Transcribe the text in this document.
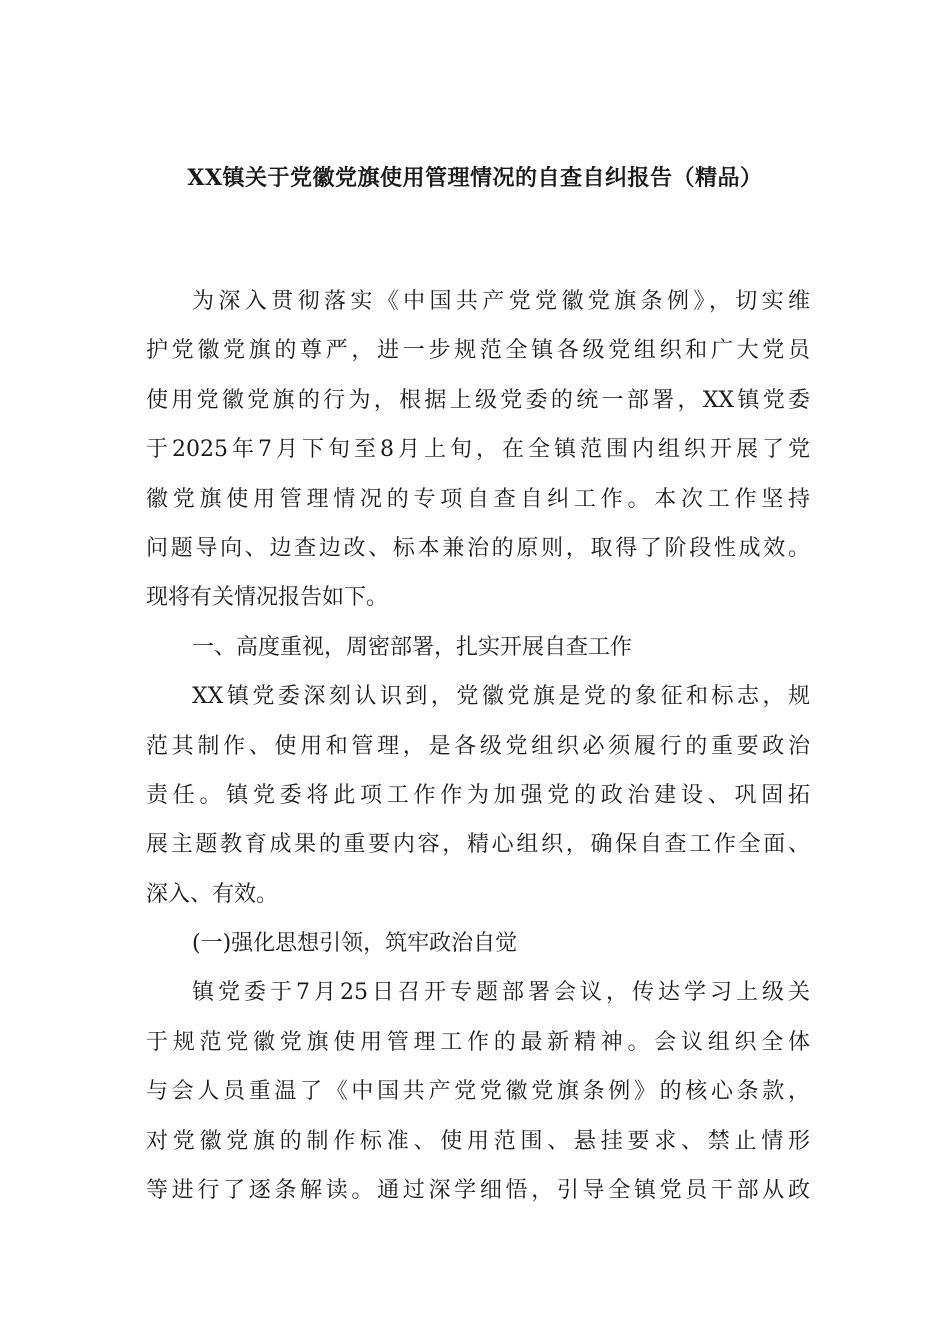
XX镇关于党徽党旗使用管理情况的自查自纠报告（精品）
为深入贯彻落实《中国共产党党徽党旗条例》，切实维
护党徽党旗的尊严，进一步规范全镇各级党组织和广大党员
使用党徽党旗的行为，根据上级党委的统一部署，XX镇党委
于2025年7月下旬至8月上旬，在全镇范围内组织开展了党
徽党旗使用管理情况的专项自查自纠工作。本次工作坚持
问题导向、边查边改、标本兼治的原则，取得了阶段性成效。
现将有关情况报告如下。
一、高度重视，周密部署，扎实开展自查工作
XX镇党委深刻认识到，党徽党旗是党的象征和标志，规
范其制作、使用和管理，是各级党组织必须履行的重要政治
责任。镇党委将此项工作作为加强党的政治建设、巩固拓
展主题教育成果的重要内容，精心组织，确保自查工作全面、
深入、有效。
(一)强化思想引领，筑牢政治自觉
镇党委于7月25日召开专题部署会议，传达学习上级关
于规范党徽党旗使用管理工作的最新精神。会议组织全体
与会人员重温了《中国共产党党徽党旗条例》的核心条款，
对党徽党旗的制作标准、使用范围、悬挂要求、禁止情形
等进行了逐条解读。通过深学细悟，引导全镇党员干部从政
